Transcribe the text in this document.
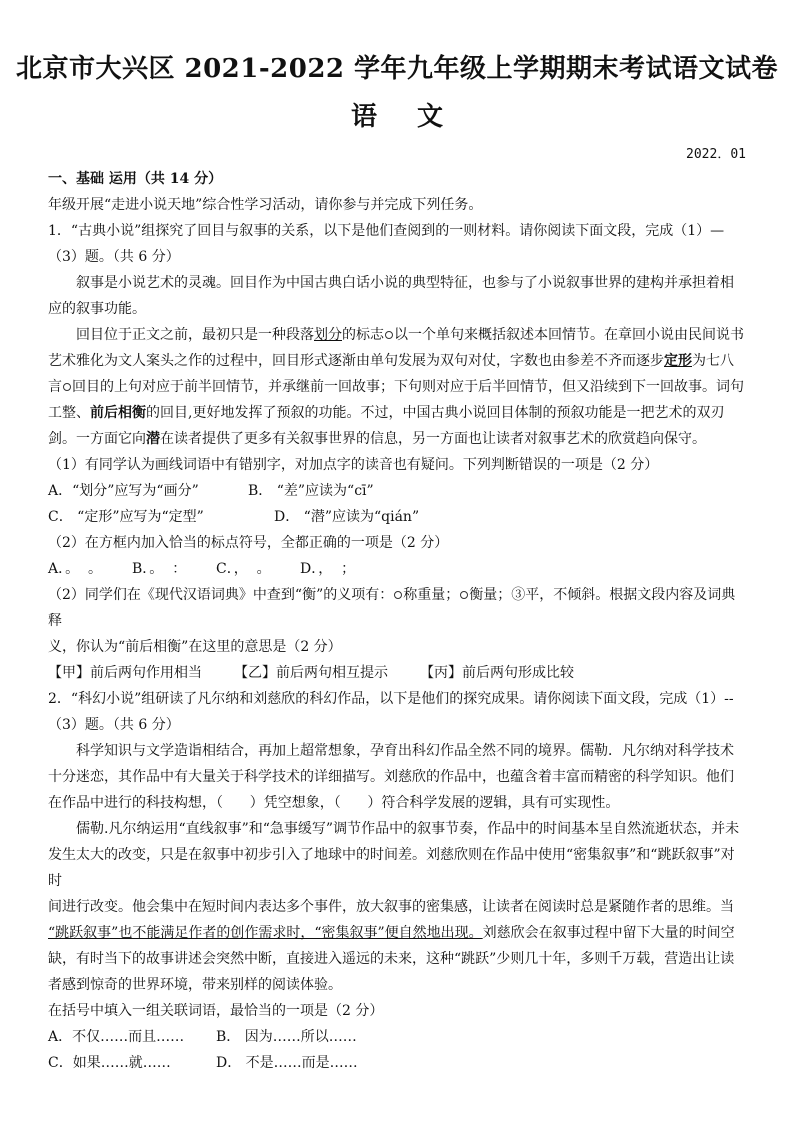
北京市大兴区 2021-2022 学年九年级上学期期末考试语文试卷
语文
2022．01

一、基础 运用（共 14 分）

年级开展“走进小说天地”综合性学习活动，请你参与并完成下列任务。

1．“古典小说”组探究了回目与叙事的关系，以下是他们查阅到的一则材料。请你阅读下面文段，完成（1）—

（3）题。（共 6 分）

叙事是小说艺术的灵魂。回目作为中国古典白话小说的典型特征，也参与了小说叙事世界的建构并承担着相

应的叙事功能。

回目位于正文之前，最初只是一种段落划分的标志 以一个单句来概括叙述本回情节。在章回小说由民间说书

艺术雅化为文人案头之作的过程中，回目形式逐渐由单句发展为双句对仗，字数也由参差不齐而逐步定形为七八

言 回目的上句对应于前半回情节，并承继前一回故事；下句则对应于后半回情节，但又沿续到下一回故事。词句

工整、前后相衡的回目,更好地发挥了预叙的功能。不过，中国古典小说回目体制的预叙功能是一把艺术的双刃

剑。一方面它向潜在读者提供了更多有关叙事世界的信息，另一方面也让读者对叙事艺术的欣赏趋向保守。

（1）有同学认为画线词语中有错别字，对加点字的读音也有疑问。下列判断错误的一项是（2 分）

A．“划分”应写为“画分”	B． “差”应读为“cī”
C． “定形”应写为“定型”	D． “潜”应读为“qián”

（2）在方框内加入恰当的标点符号，全都正确的一项是（2 分）

A．。  。	B．。  ：	C．，  。	D．，  ；

（2）同学们在《现代汉语词典》中查到“衡”的义项有： 称重量； 衡量；③平，不倾斜。根据文段内容及词典释

义，你认为“前后相衡”在这里的意思是（2 分）

【甲】前后两句作用相当	【乙】前后两句相互提示	【丙】前后两句形成比较

2．“科幻小说”组研读了凡尔纳和刘慈欣的科幻作品，以下是他们的探究成果。请你阅读下面文段，完成（1）--

（3）题。（共 6 分）

科学知识与文学造诣相结合，再加上超常想象，孕育出科幻作品全然不同的境界。儒勒．凡尔纳对科学技术

十分迷恋，其作品中有大量关于科学技术的详细描写。刘慈欣的作品中，也蕴含着丰富而精密的科学知识。他们

在作品中进行的科技构想，（      ）凭空想象，（      ）符合科学发展的逻辑，具有可实现性。

儒勒.凡尔纳运用“直线叙事”和“急事缓写”调节作品中的叙事节奏，作品中的时间基本呈自然流逝状态，并未

发生太大的改变，只是在叙事中初步引入了地球中的时间差。刘慈欣则在作品中使用“密集叙事”和“跳跃叙事”对时

间进行改变。他会集中在短时间内表达多个事件，放大叙事的密集感，让读者在阅读时总是紧随作者的思维。当

“跳跃叙事”也不能满足作者的创作需求时，“密集叙事”便自然地出现。刘慈欣会在叙事过程中留下大量的时间空

缺，有时当下的故事讲述会突然中断，直接进入遥远的未来，这种“跳跃”少则几十年，多则千万载，营造出让读

者感到惊奇的世界环境，带来别样的阅读体验。

在括号中填入一组关联词语，最恰当的一项是（2 分）

A．不仅……而且……	B． 因为……所以……
C．如果……就……	D． 不是……而是……
